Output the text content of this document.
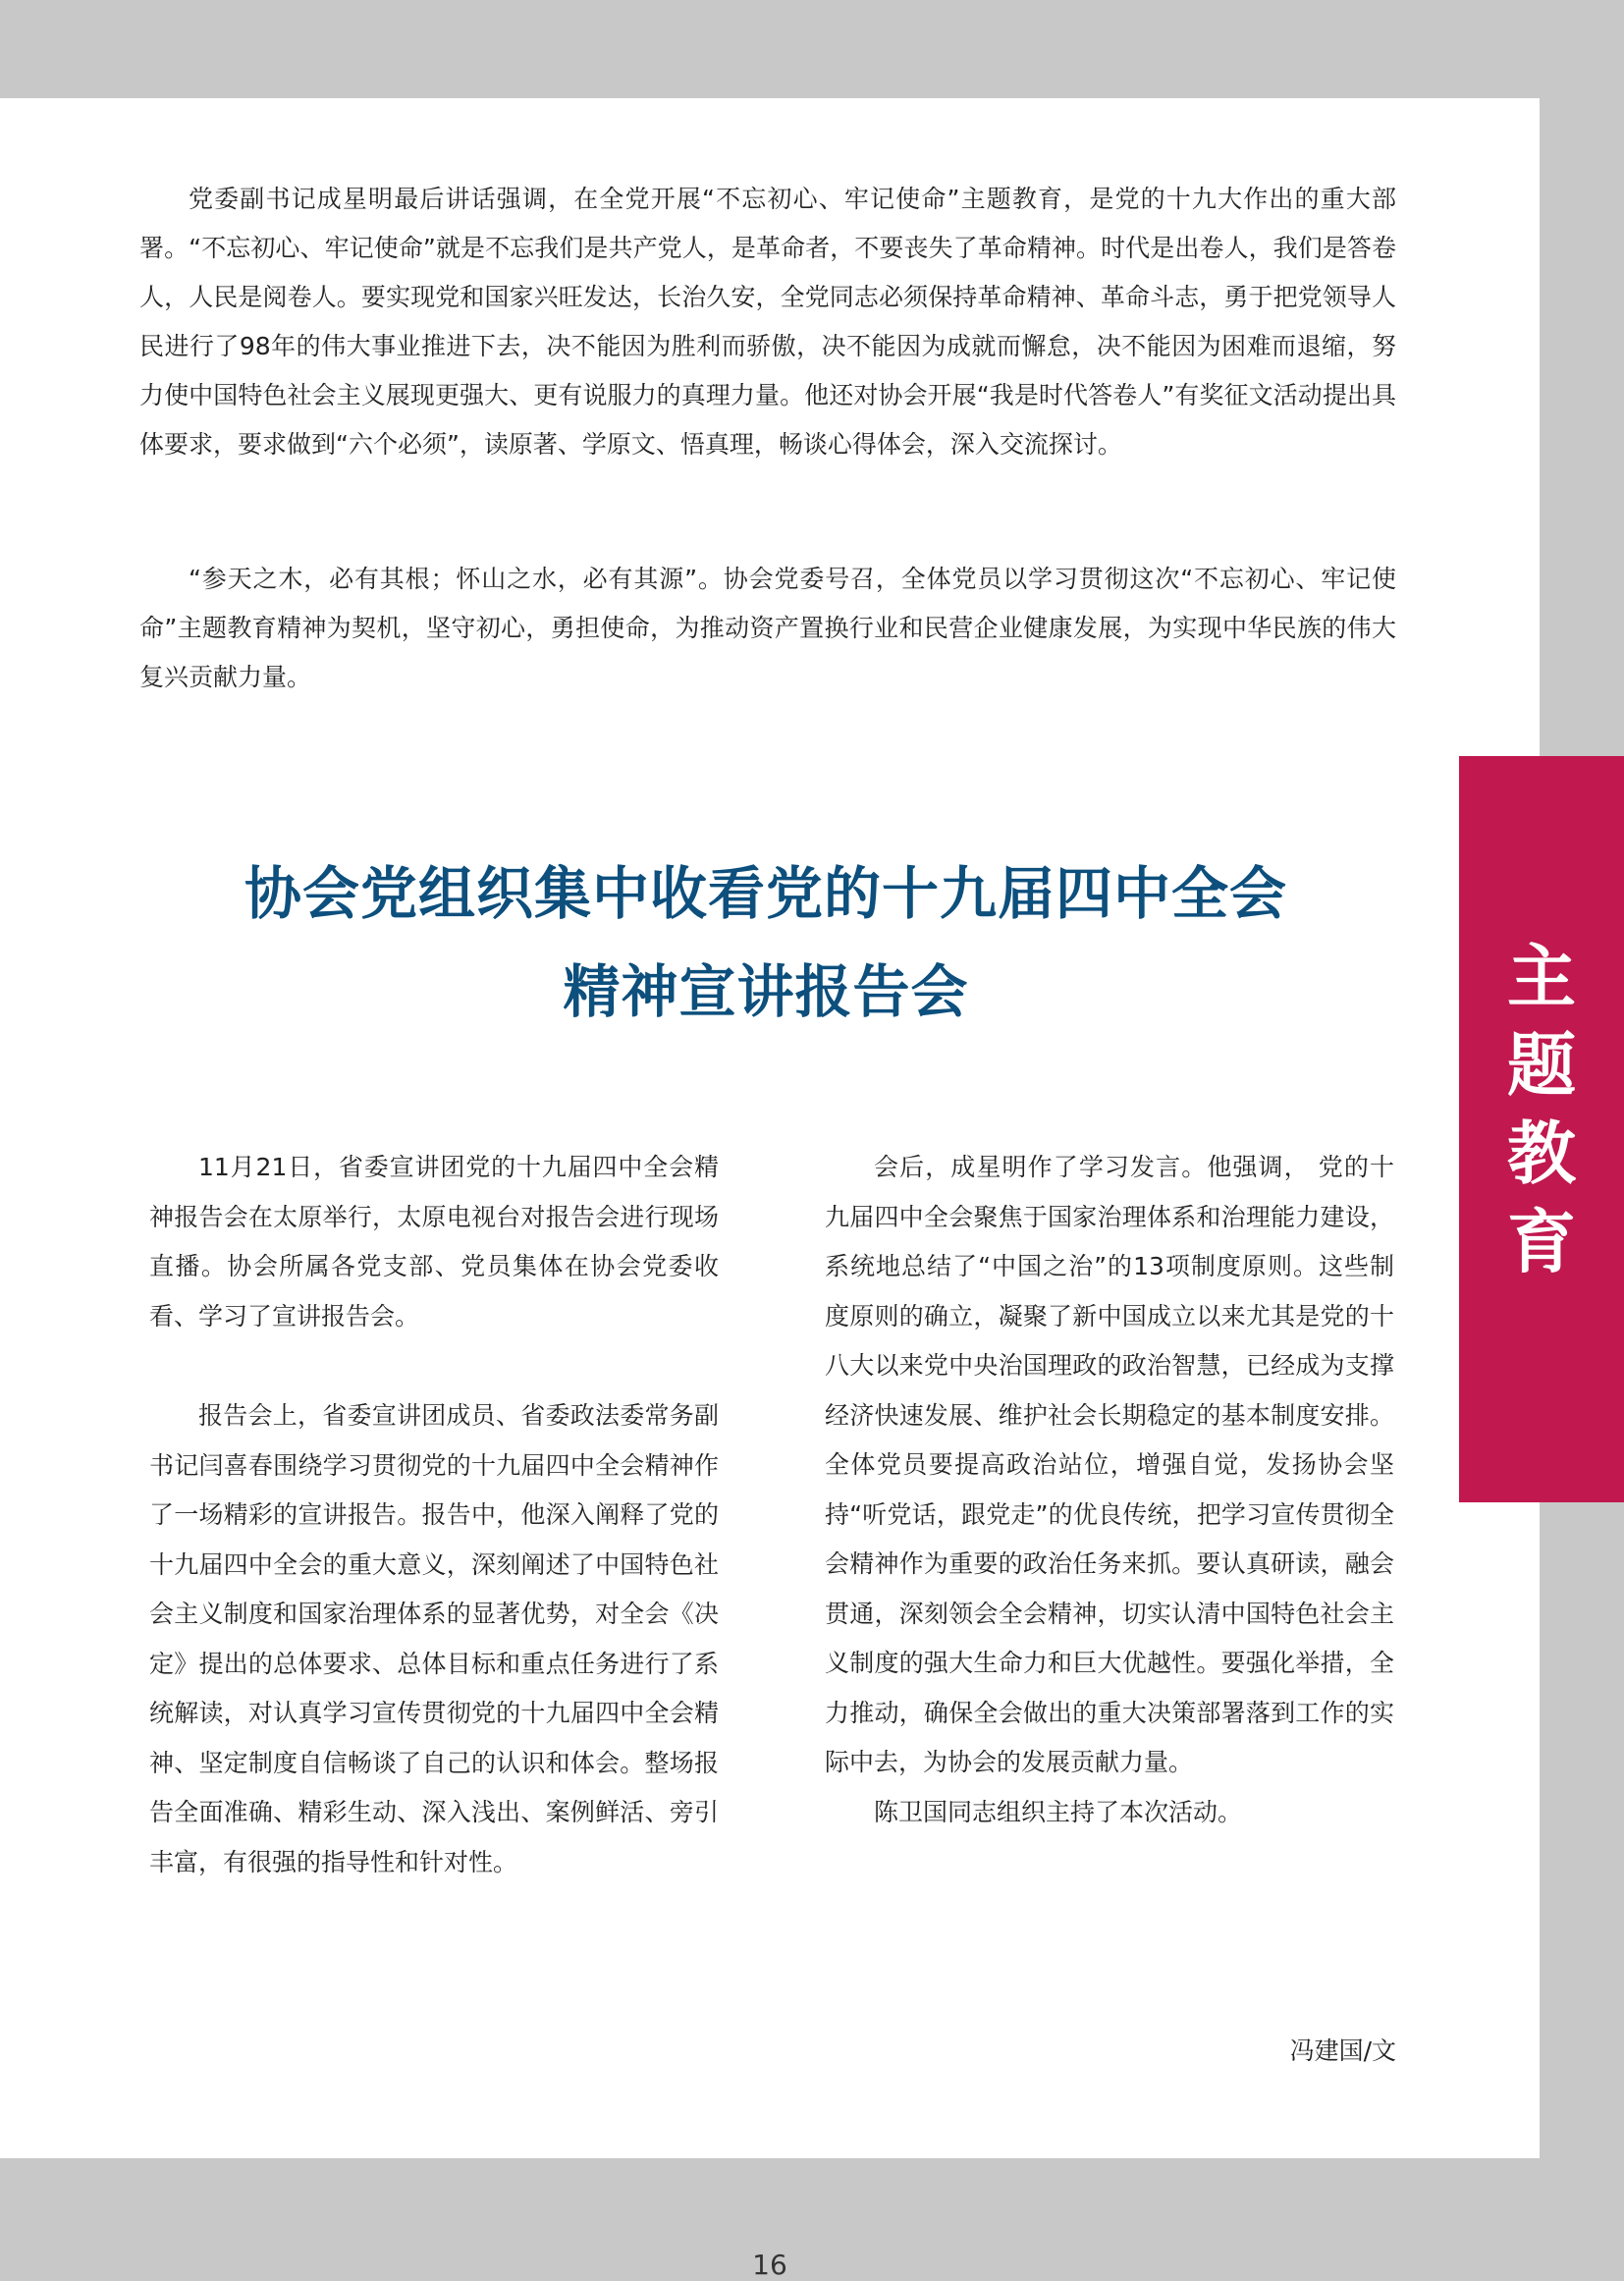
党委副书记成星明最后讲话强调，在全党开展“不忘初心、牢记使命”主题教育，是党的十九大作出的重大部署。“不忘初心、牢记使命”就是不忘我们是共产党人，是革命者，不要丧失了革命精神。时代是出卷人，我们是答卷人，人民是阅卷人。要实现党和国家兴旺发达，长治久安，全党同志必须保持革命精神、革命斗志，勇于把党领导人民进行了98年的伟大事业推进下去，决不能因为胜利而骄傲，决不能因为成就而懈怠，决不能因为困难而退缩，努力使中国特色社会主义展现更强大、更有说服力的真理力量。他还对协会开展“我是时代答卷人”有奖征文活动提出具体要求，要求做到“六个必须”，读原著、学原文、悟真理，畅谈心得体会，深入交流探讨。

“参天之木，必有其根；怀山之水，必有其源”。协会党委号召，全体党员以学习贯彻这次“不忘初心、牢记使命”主题教育精神为契机，坚守初心，勇担使命，为推动资产置换行业和民营企业健康发展，为实现中华民族的伟大复兴贡献力量。

协会党组织集中收看党的十九届四中全会
精神宣讲报告会

11月21日，省委宣讲团党的十九届四中全会精神报告会在太原举行，太原电视台对报告会进行现场直播。协会所属各党支部、党员集体在协会党委收看、学习了宣讲报告会。

报告会上，省委宣讲团成员、省委政法委常务副书记闫喜春围绕学习贯彻党的十九届四中全会精神作了一场精彩的宣讲报告。报告中，他深入阐释了党的十九届四中全会的重大意义，深刻阐述了中国特色社会主义制度和国家治理体系的显著优势，对全会《决定》提出的总体要求、总体目标和重点任务进行了系统解读，对认真学习宣传贯彻党的十九届四中全会精神、坚定制度自信畅谈了自己的认识和体会。整场报告全面准确、精彩生动、深入浅出、案例鲜活、旁引丰富，有很强的指导性和针对性。

会后，成星明作了学习发言。他强调， 党的十九届四中全会聚焦于国家治理体系和治理能力建设，系统地总结了“中国之治”的13项制度原则。这些制度原则的确立，凝聚了新中国成立以来尤其是党的十八大以来党中央治国理政的政治智慧，已经成为支撑经济快速发展、维护社会长期稳定的基本制度安排。全体党员要提高政治站位，增强自觉，发扬协会坚持“听党话，跟党走”的优良传统，把学习宣传贯彻全会精神作为重要的政治任务来抓。要认真研读，融会贯通，深刻领会全会精神，切实认清中国特色社会主义制度的强大生命力和巨大优越性。要强化举措，全力推动，确保全会做出的重大决策部署落到工作的实际中去，为协会的发展贡献力量。

陈卫国同志组织主持了本次活动。

冯建国/文

16
主
题
教
育
